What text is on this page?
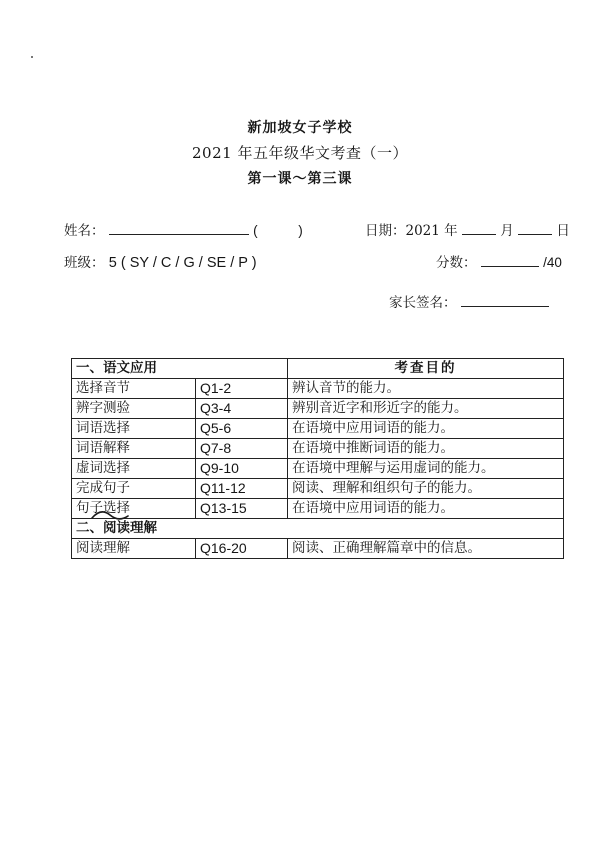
新加坡女子学校
2021 年五年级华文考查（一）
第一课～第三课
姓名：	(	)	日期：2021 年	月	日
班级： 5 ( SY / C / G / SE / P )	分数：	/40
家长签名：
一、语文应用		考查目的
选择音节	Q1-2	辨认音节的能力。
辨字测验	Q3-4	辨别音近字和形近字的能力。
词语选择	Q5-6	在语境中应用词语的能力。
词语解释	Q7-8	在语境中推断词语的能力。
虚词选择	Q9-10	在语境中理解与运用虚词的能力。
完成句子	Q11-12	阅读、理解和组织句子的能力。
句子选择	Q13-15	在语境中应用词语的能力。
二、阅读理解		
阅读理解	Q16-20	阅读、正确理解篇章中的信息。
